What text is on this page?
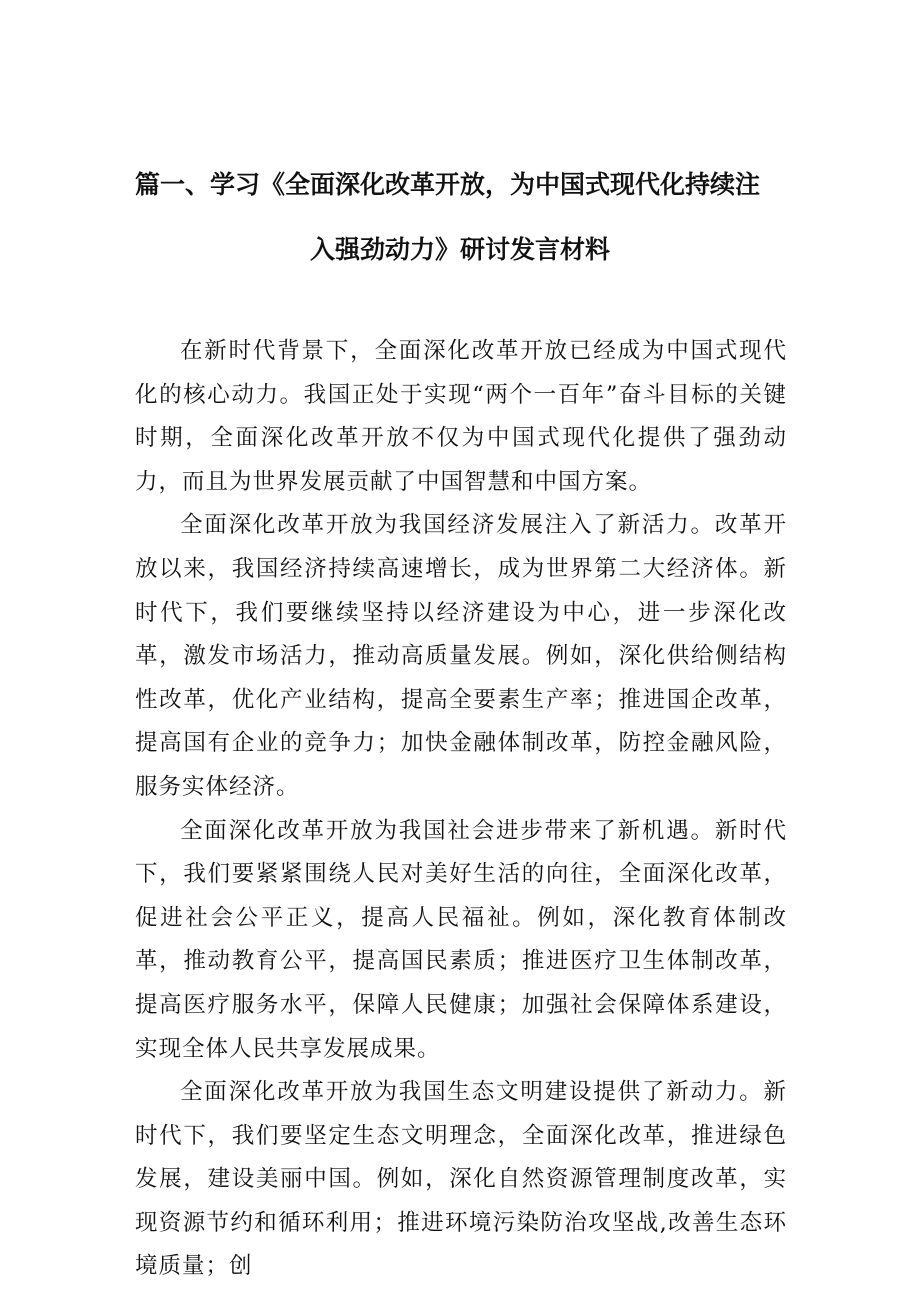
篇一、学习《全面深化改革开放，为中国式现代化持续注
入强劲动力》研讨发言材料

在新时代背景下，全面深化改革开放已经成为中国式现代化的核心动力。我国正处于实现“两个一百年”奋斗目标的关键时期，全面深化改革开放不仅为中国式现代化提供了强劲动力，而且为世界发展贡献了中国智慧和中国方案。

全面深化改革开放为我国经济发展注入了新活力。改革开放以来，我国经济持续高速增长，成为世界第二大经济体。新时代下，我们要继续坚持以经济建设为中心，进一步深化改革，激发市场活力，推动高质量发展。例如，深化供给侧结构性改革，优化产业结构，提高全要素生产率；推进国企改革，提高国有企业的竞争力；加快金融体制改革，防控金融风险，服务实体经济。

全面深化改革开放为我国社会进步带来了新机遇。新时代下，我们要紧紧围绕人民对美好生活的向往，全面深化改革，促进社会公平正义，提高人民福祉。例如，深化教育体制改革，推动教育公平，提高国民素质；推进医疗卫生体制改革，提高医疗服务水平，保障人民健康；加强社会保障体系建设，实现全体人民共享发展成果。

全面深化改革开放为我国生态文明建设提供了新动力。新时代下，我们要坚定生态文明理念，全面深化改革，推进绿色发展，建设美丽中国。例如，深化自然资源管理制度改革，实现资源节约和循环利用；推进环境污染防治攻坚战,改善生态环境质量；创
